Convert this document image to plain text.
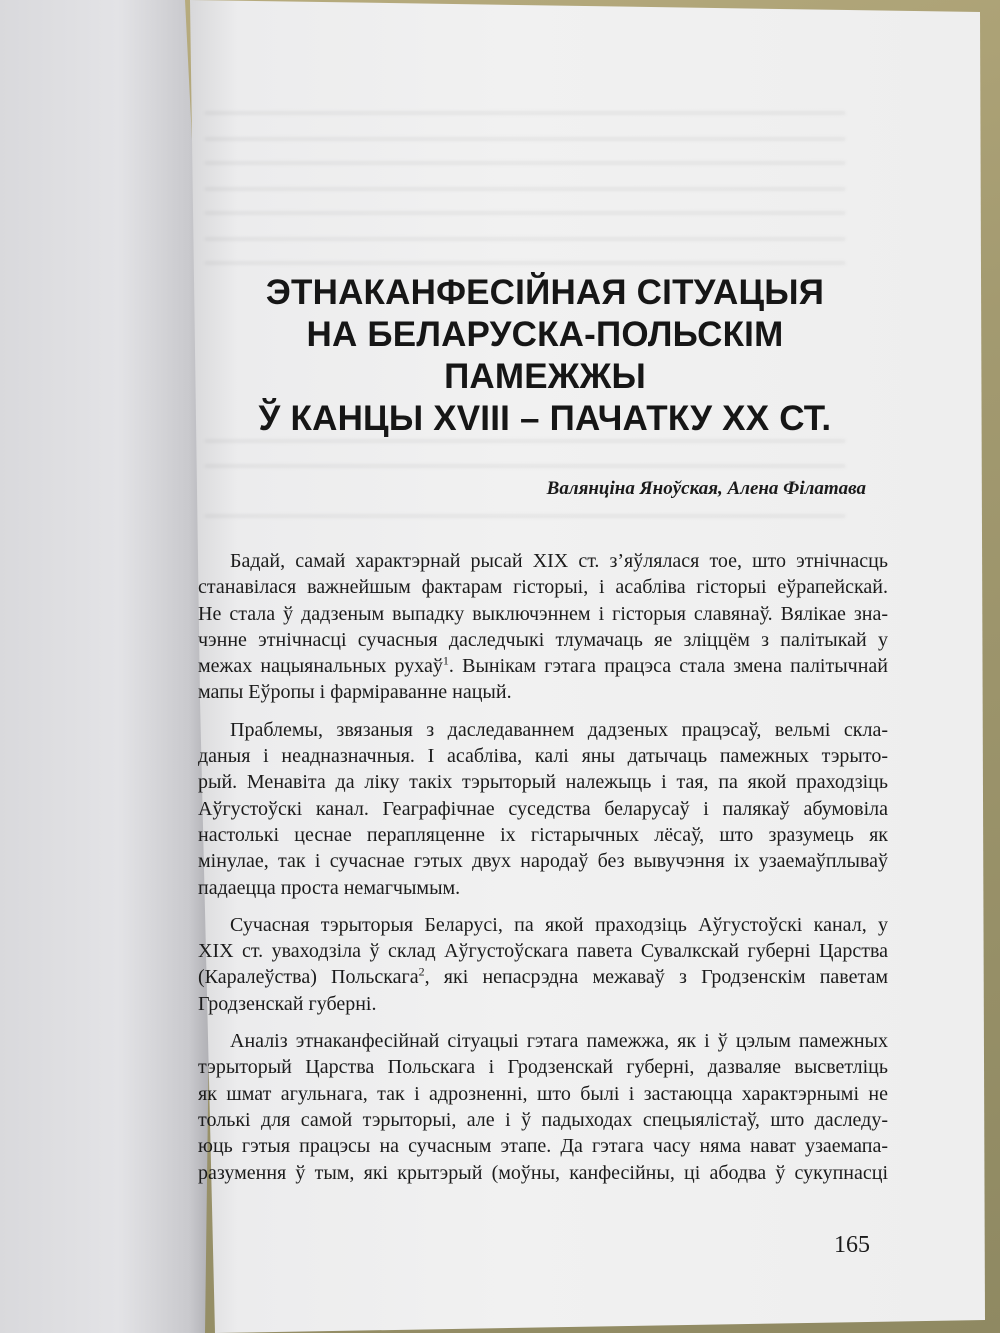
ЭТНАКАНФЕСІЙНАЯ СІТУАЦЫЯ
НА БЕЛАРУСКА-ПОЛЬСКІМ
ПАМЕЖЖЫ
Ў КАНЦЫ XVIII – ПАЧАТКУ XX СТ.
Валянціна Яноўская, Алена Філатава
Бадай, самай характэрнай рысай XIX ст. з’яўлялася тое, што этнічнасць
станавілася важнейшым фактарам гісторыі, і асабліва гісторыі еўрапейскай.
Не стала ў дадзеным выпадку выключэннем і гісторыя славянаў. Вялікае зна-
чэнне этнічнасці сучасныя даследчыкі тлумачаць яе зліццём з палітыкай у
межах нацыянальных рухаў$^1$. Вынікам гэтага працэса стала змена палітычнай
мапы Еўропы і фарміраванне нацый.
Праблемы, звязаныя з даследаваннем дадзеных працэсаў, вельмі скла-
даныя і неадназначныя. І асабліва, калі яны датычаць памежных тэрыто-
рый. Менавіта да ліку такіх тэрыторый належыць і тая, па якой праходзіць
Аўгустоўскі канал. Геаграфічнае суседства беларусаў і палякаў абумовіла
настолькі цеснае перапляценне іх гістарычных лёсаў, што зразумець як
мінулае, так і сучаснае гэтых двух народаў без вывучэння іх узаемаўплываў
падаецца проста немагчымым.
Сучасная тэрыторыя Беларусі, па якой праходзіць Аўгустоўскі канал, у
XIX ст. уваходзіла ў склад Аўгустоўскага павета Сувалкскай губерні Царства
(Каралеўства) Польскага$^2$, які непасрэдна межаваў з Гродзенскім паветам
Гродзенскай губерні.
Аналіз этнаканфесійнай сітуацыі гэтага памежжа, як і ў цэлым памежных
тэрыторый Царства Польскага і Гродзенскай губерні, дазваляе высветліць
як шмат агульнага, так і адрозненні, што былі і застаюцца характэрнымі не
толькі для самой тэрыторыі, але і ў падыходах спецыялістаў, што даследу-
юць гэтыя працэсы на сучасным этапе. Да гэтага часу няма нават узаемапа-
разумення ў тым, які крытэрый (моўны, канфесійны, ці абодва ў сукупнасці
165
